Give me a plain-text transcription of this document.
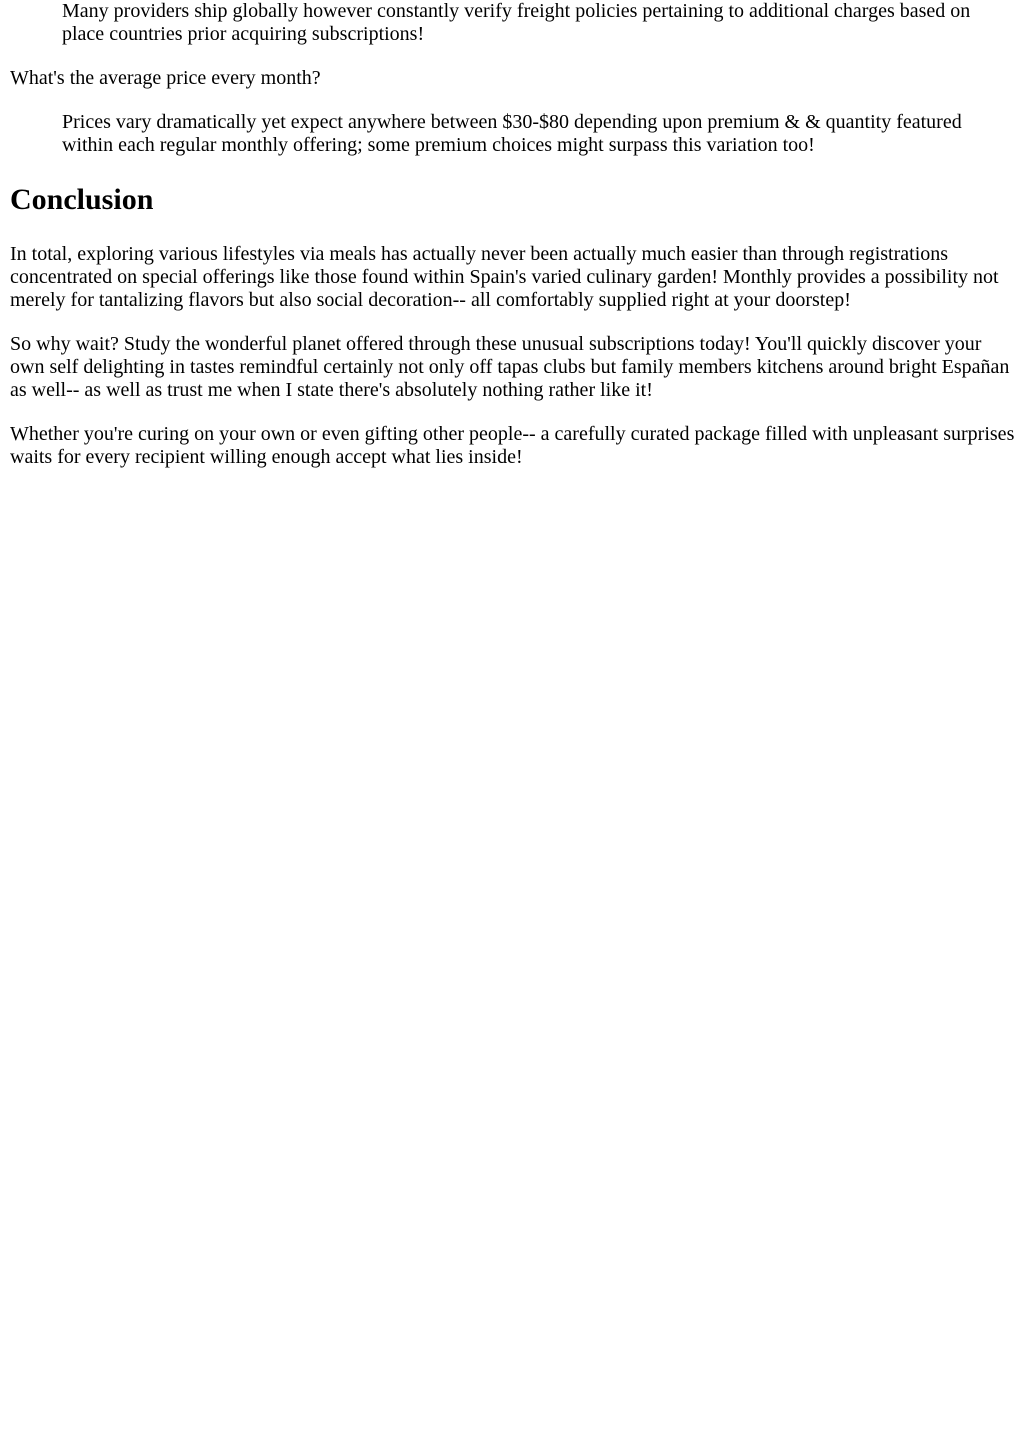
Many providers ship globally however constantly verify freight policies pertaining to additional charges based on place countries prior acquiring subscriptions!

What's the average price every month?

Prices vary dramatically yet expect anywhere between $30-$80 depending upon premium & & quantity featured within each regular monthly offering; some premium choices might surpass this variation too!
Conclusion

In total, exploring various lifestyles via meals has actually never been actually much easier than through registrations concentrated on special offerings like those found within Spain's varied culinary garden! Monthly provides a possibility not merely for tantalizing flavors but also social decoration-- all comfortably supplied right at your doorstep!

So why wait? Study the wonderful planet offered through these unusual subscriptions today! You'll quickly discover your own self delighting in tastes remindful certainly not only off tapas clubs but family members kitchens around bright Españan as well-- as well as trust me when I state there's absolutely nothing rather like it!

Whether you're curing on your own or even gifting other people-- a carefully curated package filled with unpleasant surprises waits for every recipient willing enough accept what lies inside!
